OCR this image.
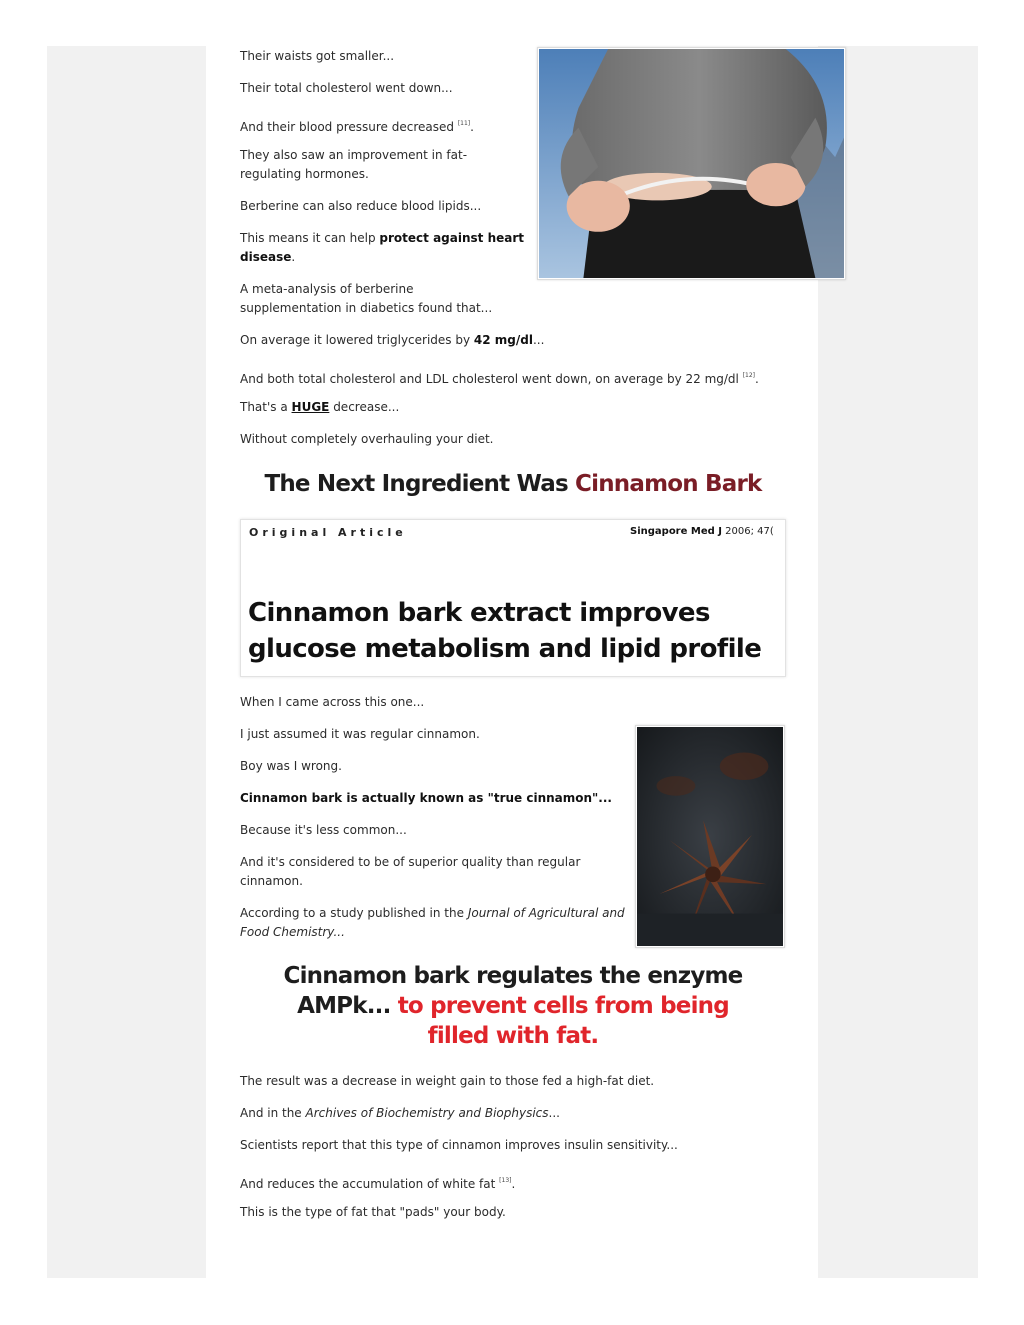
Their waists got smaller...

Their total cholesterol went down...

And their blood pressure decreased [11].

They also saw an improvement in fat-regulating hormones.

Berberine can also reduce blood lipids...

This means it can help protect against heart disease.

A meta-analysis of berberine supplementation in diabetics found that...

On average it lowered triglycerides by 42 mg/dl...

And both total cholesterol and LDL cholesterol went down, on average by 22 mg/dl [12].

That's a HUGE decrease...

Without completely overhauling your diet.

The Next Ingredient Was Cinnamon Bark
Original Article	Singapore Med J 2006; 47(
Cinnamon bark extract improves
glucose metabolism and lipid profile

When I came across this one...

I just assumed it was regular cinnamon.

Boy was I wrong.

Cinnamon bark is actually known as "true cinnamon"...

Because it's less common...

And it's considered to be of superior quality than regular cinnamon.

According to a study published in the Journal of Agricultural and Food Chemistry...

Cinnamon bark regulates the enzyme
AMPk... to prevent cells from being
filled with fat.

The result was a decrease in weight gain to those fed a high-fat diet.

And in the Archives of Biochemistry and Biophysics...

Scientists report that this type of cinnamon improves insulin sensitivity...

And reduces the accumulation of white fat [13].

This is the type of fat that "pads" your body.
